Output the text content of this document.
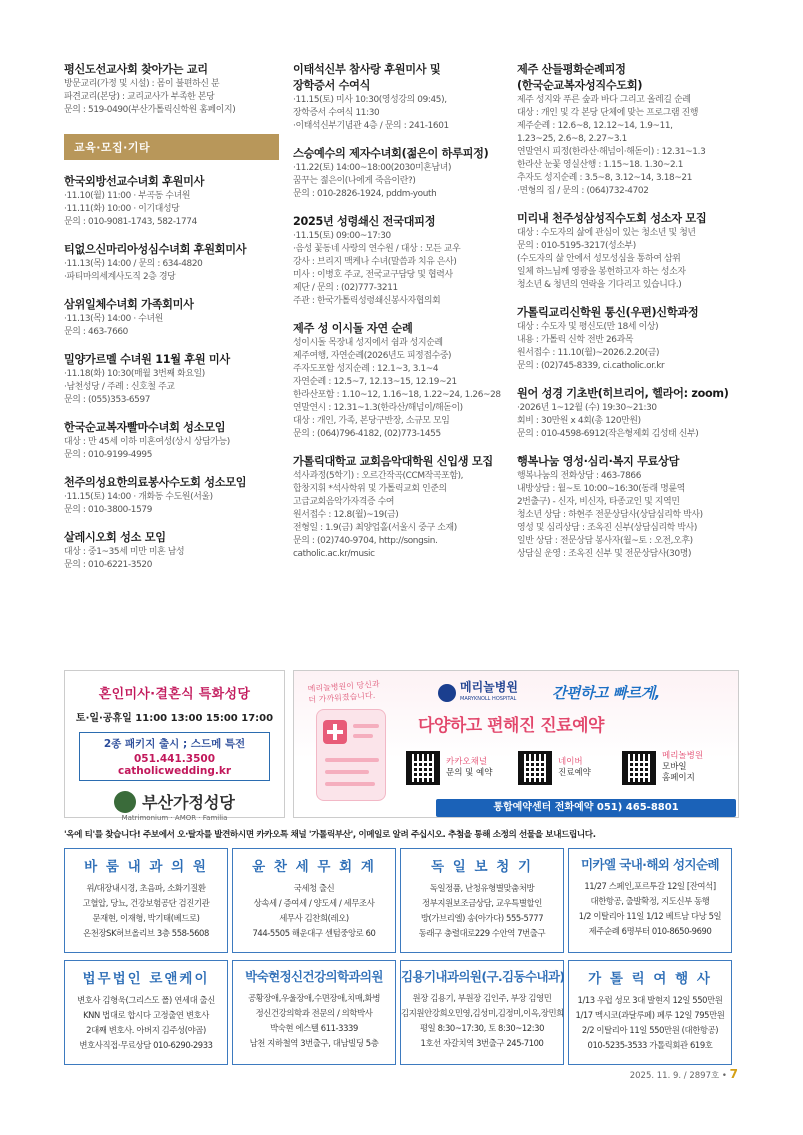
평신도선교사회 찾아가는 교리

방문교리(가정 및 시설) : 몸이 불편하신 분

파견교리(본당) : 교리교사가 부족한 본당

문의 : 519-0490(부산가톨릭신학원 홈페이지)

교육·모집·기타
한국외방선교수녀회 후원미사

·11.10(월) 11:00 · 부곡동 수녀원

·11.11(화) 10:00 · 이기대성당

문의 : 010-9081-1743, 582-1774

티없으신마리아성심수녀회 후원회미사

·11.13(목) 14:00 / 문의 : 634-4820

·파티마의세계사도직 2층 경당

삼위일체수녀회 가족회미사

·11.13(목) 14:00 · 수녀원

문의 : 463-7660

밀양가르멜 수녀원 11월 후원 미사

·11.18(화) 10:30(매월 3번째 화요일)

·남천성당 / 주례 : 신호철 주교

문의 : (055)353-6597

한국순교복자빨마수녀회 성소모임

대상 : 만 45세 이하 미혼여성(상시 상담가능)

문의 : 010-9199-4995

천주의성요한의료봉사수도회 성소모임

·11.15(토) 14:00 · 개화동 수도원(서울)

문의 : 010-3800-1579

살레시오회 성소 모임

대상 : 중1~35세 미만 미혼 남성

문의 : 010-6221-3520

이태석신부 참사랑 후원미사 및
장학증서 수여식

·11.15(토) 미사 10:30(영성강의 09:45),

장학증서 수여식 11:30

·이태석신부기념관 4층 / 문의 : 241-1601

스승예수의 제자수녀회(젊은이 하루피정)

·11.22(토) 14:00~18:00(2030미혼남녀)

꿈꾸는 젊은이(나에게 죽음이란?)

문의 : 010-2826-1924, pddm-youth

2025년 성령쇄신 전국대피정

·11.15(토) 09:00~17:30

·음성 꽃동네 사랑의 연수원 / 대상 : 모든 교우

강사 : 브리지 맥케나 수녀(말씀과 치유 은사)

미사 : 이병호 주교, 전국교구담당 및 협력사

제단 / 문의 : (02)777-3211

주관 : 한국가톨릭성령쇄신봉사자협의회

제주 성 이시돌 자연 순례

성이시돌 목장내 성지에서 쉼과 성지순례

제주여행, 자연순례(2026년도 피정접수중)

주자도포함 성지순례 : 12.1~3, 3.1~4

자연순례 : 12.5~7, 12.13~15, 12.19~21

한라산포함 : 1.10~12, 1.16~18, 1.22~24, 1.26~28

연말연시 : 12.31~1.3(한라산/해넘이/해돋이)

대상 : 개인, 가족, 본당구반장, 소규모 모임

문의 : (064)796-4182, (02)773-1455

가톨릭대학교 교회음악대학원 신입생 모집

석사과정(5학기) : 오르간작곡(CCM작곡포함),

합창지휘 *석사학위 및 가톨릭교회 인준의

고급교회음악가자격증 수여

원서접수 : 12.8(월)~19(금)

전형일 : 1.9(금) 최양업홀(서울시 중구 소재)

문의 : (02)740-9704, http://songsin.

catholic.ac.kr/music

제주 산들평화순례피정
(한국순교복자성직수도회)

제주 성지와 푸른 숲과 바다 그리고 올레길 순례

대상 : 개인 및 각 본당 단체에 맞는 프로그램 진행

제주순례 : 12.6~8, 12.12~14, 1.9~11,

1.23~25, 2.6~8, 2.27~3.1

연말연시 피정(한라산·해넘이·해돋이) : 12.31~1.3

한라산 눈꽃 영실산행 : 1.15~18. 1.30~2.1

추자도 성지순례 : 3.5~8, 3.12~14, 3.18~21

·면형의 집 / 문의 : (064)732-4702

미리내 천주성삼성직수도회 성소자 모집

대상 : 수도자의 삶에 관심이 있는 청소년 및 청년

문의 : 010-5195-3217(성소부)

(수도자의 삶 안에서 성모성심을 통하여 삼위

일체 하느님께 영광을 봉헌하고자 하는 성소자

청소년 & 청년의 연락을 기다리고 있습니다.)

가톨릭교리신학원 통신(우편)신학과정

대상 : 수도자 및 평신도(만 18세 이상)

내용 : 가톨릭 신학 전반 26과목

원서접수 : 11.10(월)~2026.2.20(금)

문의 : (02)745-8339, ci.catholic.or.kr

원어 성경 기초반(히브리어, 헬라어: zoom)

·2026년 1~12월 (수) 19:30~21:30

회비 : 30만원 x 4회(총 120만원)

문의 : 010-4598-6912(작은형제회 김성태 신부)

행복나눔 영성·심리·복지 무료상담

행복나눔의 전화상담 : 463-7866

내방상담 : 월~토 10:00~16:30(동래 명륜역

2번출구) - 신자, 비신자, 타종교인 및 지역민

청소년 상담 : 하현주 전문상담사(상담심리학 박사)

영성 및 심리상담 : 조옥진 신부(상담심리학 박사)

일반 상담 : 전문상담 봉사자(월~토 : 오전,오후)

상담실 운영 : 조옥진 신부 및 전문상담사(30명)

혼인미사·결혼식 특화성당
토·일·공휴일 11:00 13:00 15:00 17:00
2종 패키지 출시 ; 스드메 특전
051.441.3500 catholicwedding.kr
부산가정성당
Matrimonium · AMOR · Familia
메리놀병원이 당신과
더 가까워졌습니다.
메리놀병원
MARYKNOLL HOSPITAL 간편하고 빠르게,
다양하고 편해진 진료예약
카카오채널
문의 및 예약
네이버
진료예약
메리놀병원
모바일
홈페이지
통합예약센터 전화예약 051) 465-8801
'옥에 티'를 찾습니다! 주보에서 오·탈자를 발견하시면 카카오톡 채널 '가톨릭부산', 이메일로 알려 주십시오. 추첨을 통해 소정의 선물을 보내드립니다.
바 룸 내 과 의 원

위/대장내시경, 초음파, 소화기질환

고혈압, 당뇨, 건강보험공단 검진기관

문재현, 이재형, 박기태(베드로)

온천장SK허브올리브 3층 558-5608

윤 찬 세 무 회 계

국세청 출신

상속세 / 증여세 / 양도세 / 세무조사

세무사 김찬희(레오)

744-5505 해운대구 센텀중앙로 60

독 일 보 청 기

독일정품, 난청유형별맞춤처방

정부지원보조금상담, 교우특별할인

방(가브리엘) 송(아가다) 555-5777

동래구 충렬대로229 수안역 7번출구

미카엘 국내·해외 성지순례

11/27 스페인,포르투갈 12일 [잔여석]

대한항공, 출발확정, 지도신부 동행

1/2 이탈리아 11일 1/12 베트남 다낭 5일

제주순례 6명부터 010-8650-9690

법무법인 로앤케이

변호사 김형욱(그리스도 폴) 연세대 출신

KNN 법대로 합시다 고정출연 변호사

2대째 변호사. 아버지 김주성(야곱)

변호사직접·무료상담 010-6290-2933

박숙현정신건강의학과의원

공황장애,우울장애,수면장애,치매,화병

정신건강의학과 전문의 / 의학박사

박숙현 에스텔 611-3339

남천 지하철역 3번출구, 대남빌딩 5층

김용기내과의원(구.김동수내과)

원장 김용기, 부원장 김인주, 부장 김영민

김지원안강희오민영,김성미,김정미,이옥,장민희

평일 8:30~17:30, 토 8:30~12:30

1호선 자갈치역 3번출구 245-7100

가 톨 릭 여 행 사

1/13 우럽 성모 3대 발현지 12일 550만원

1/17 멕시코(과달루페) 페루 12일 795만원

2/2 이탈리아 11일 550만원 (대한항공)

010-5235-3533 가톨릭회관 619호

2025. 11. 9. / 2897호 • 7
